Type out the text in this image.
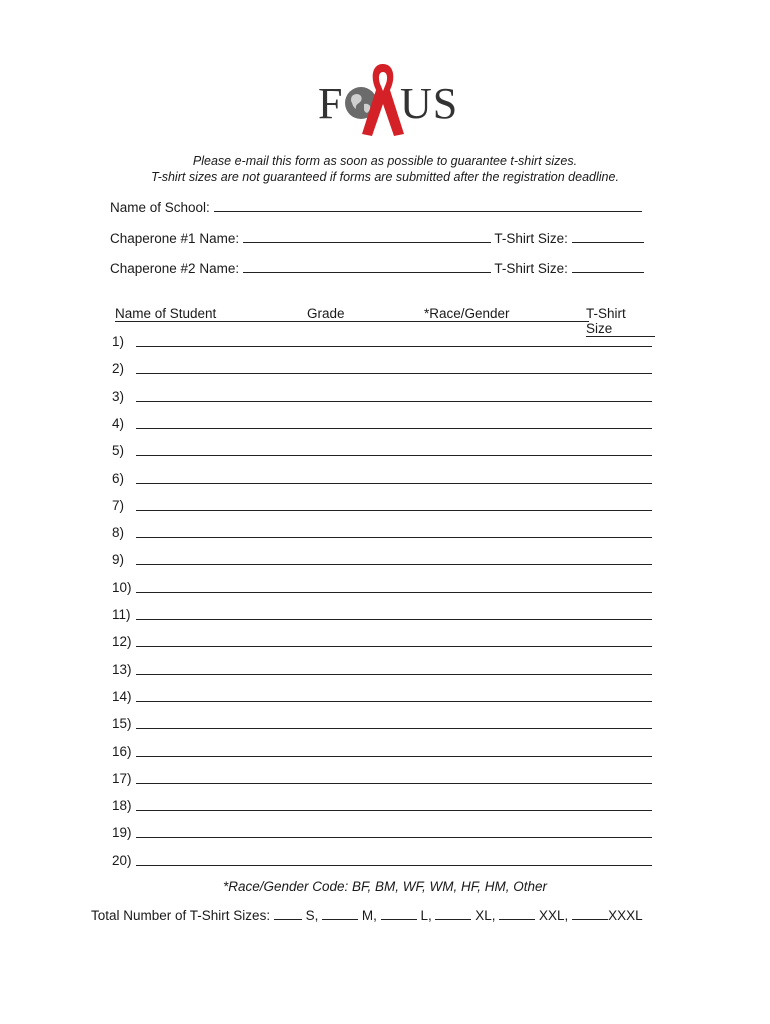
F US
Please e-mail this form as soon as possible to guarantee t-shirt sizes.
T-shirt sizes are not guaranteed if forms are submitted after the registration deadline.
Name of School:
Chaperone #1 Name:	T-Shirt Size:
Chaperone #2 Name:	T-Shirt Size:
Name of Student	Grade	*Race/Gender	T-Shirt Size
1)
2)
3)
4)
5)
6)
7)
8)
9)
10)
11)
12)
13)
14)
15)
16)
17)
18)
19)
20)
*Race/Gender Code: BF, BM, WF, WM, HF, HM, Other
Total Number of T-Shirt Sizes:	S,	M,	L,	XL,	XXL,	XXXL
